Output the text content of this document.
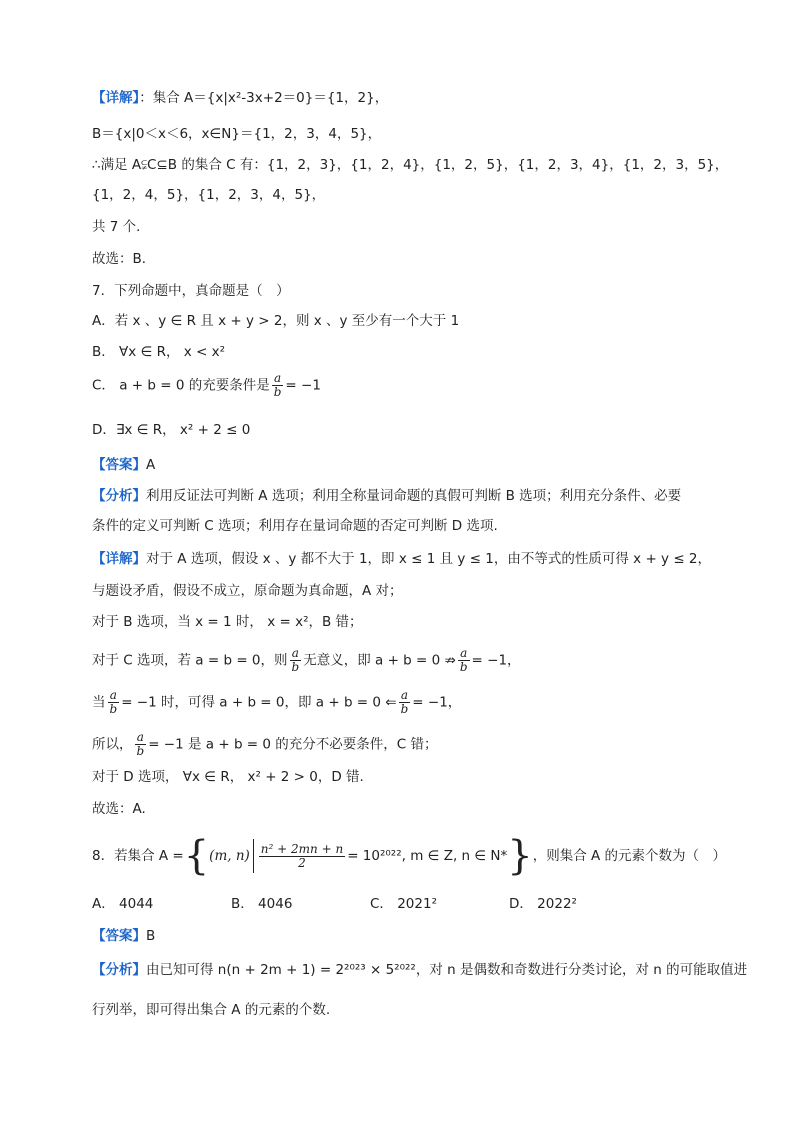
【详解】：集合 A＝{x|x²-3x+2＝0}＝{1，2}，
B＝{x|0＜x＜6，x∈N}＝{1，2，3，4，5}，
∴满足 A⫋C⊆B 的集合 C 有：{1，2，3}，{1，2，4}，{1，2，5}，{1，2，3，4}，{1，2，3，5}，
{1，2，4，5}，{1，2，3，4，5}，
共 7 个．
故选：B．
7．下列命题中，真命题是（　）
A．若 x 、y ∈ R 且 x + y > 2，则 x 、y 至少有一个大于 1
B． ∀x ∈ R， x < x²
C． a + b = 0 的充要条件是 $\frac{a}{b} = -1$
D．∃x ∈ R， x² + 2 ≤ 0
【答案】A
【分析】利用反证法可判断 A 选项；利用全称量词命题的真假可判断 B 选项；利用充分条件、必要
条件的定义可判断 C 选项；利用存在量词命题的否定可判断 D 选项.
【详解】对于 A 选项，假设 x 、y 都不大于 1，即 x ≤ 1 且 y ≤ 1，由不等式的性质可得 x + y ≤ 2，
与题设矛盾，假设不成立，原命题为真命题，A 对；
对于 B 选项，当 x = 1 时， x = x²，B 错；
对于 C 选项，若 a = b = 0，则 $\frac{a}{b}$ 无意义，即 a + b = 0 ⇏ $\frac{a}{b} = -1$，
当 $\frac{a}{b} = -1$ 时，可得 a + b = 0，即 a + b = 0 ⇐ $\frac{a}{b} = -1$，
所以， $\frac{a}{b} = -1$ 是 a + b = 0 的充分不必要条件，C 错；
对于 D 选项， ∀x ∈ R， x² + 2 > 0，D 错.
故选：A.
8．若集合 A ={(m, $n) \frac{\text{n² + 2mn + n}}{2} = 10^{2022}$, m ∈ Z, n ∈ N*}，则集合 A 的元素个数为（　）
A． 4044	B． 4046	C． 2021²	D． 2022²
【答案】B
【分析】由已知可得 n(n + 2m + 1) = 2²⁰²³ × 5²⁰²²，对 n 是偶数和奇数进行分类讨论，对 n 的可能取值进
行列举，即可得出集合 A 的元素的个数.
